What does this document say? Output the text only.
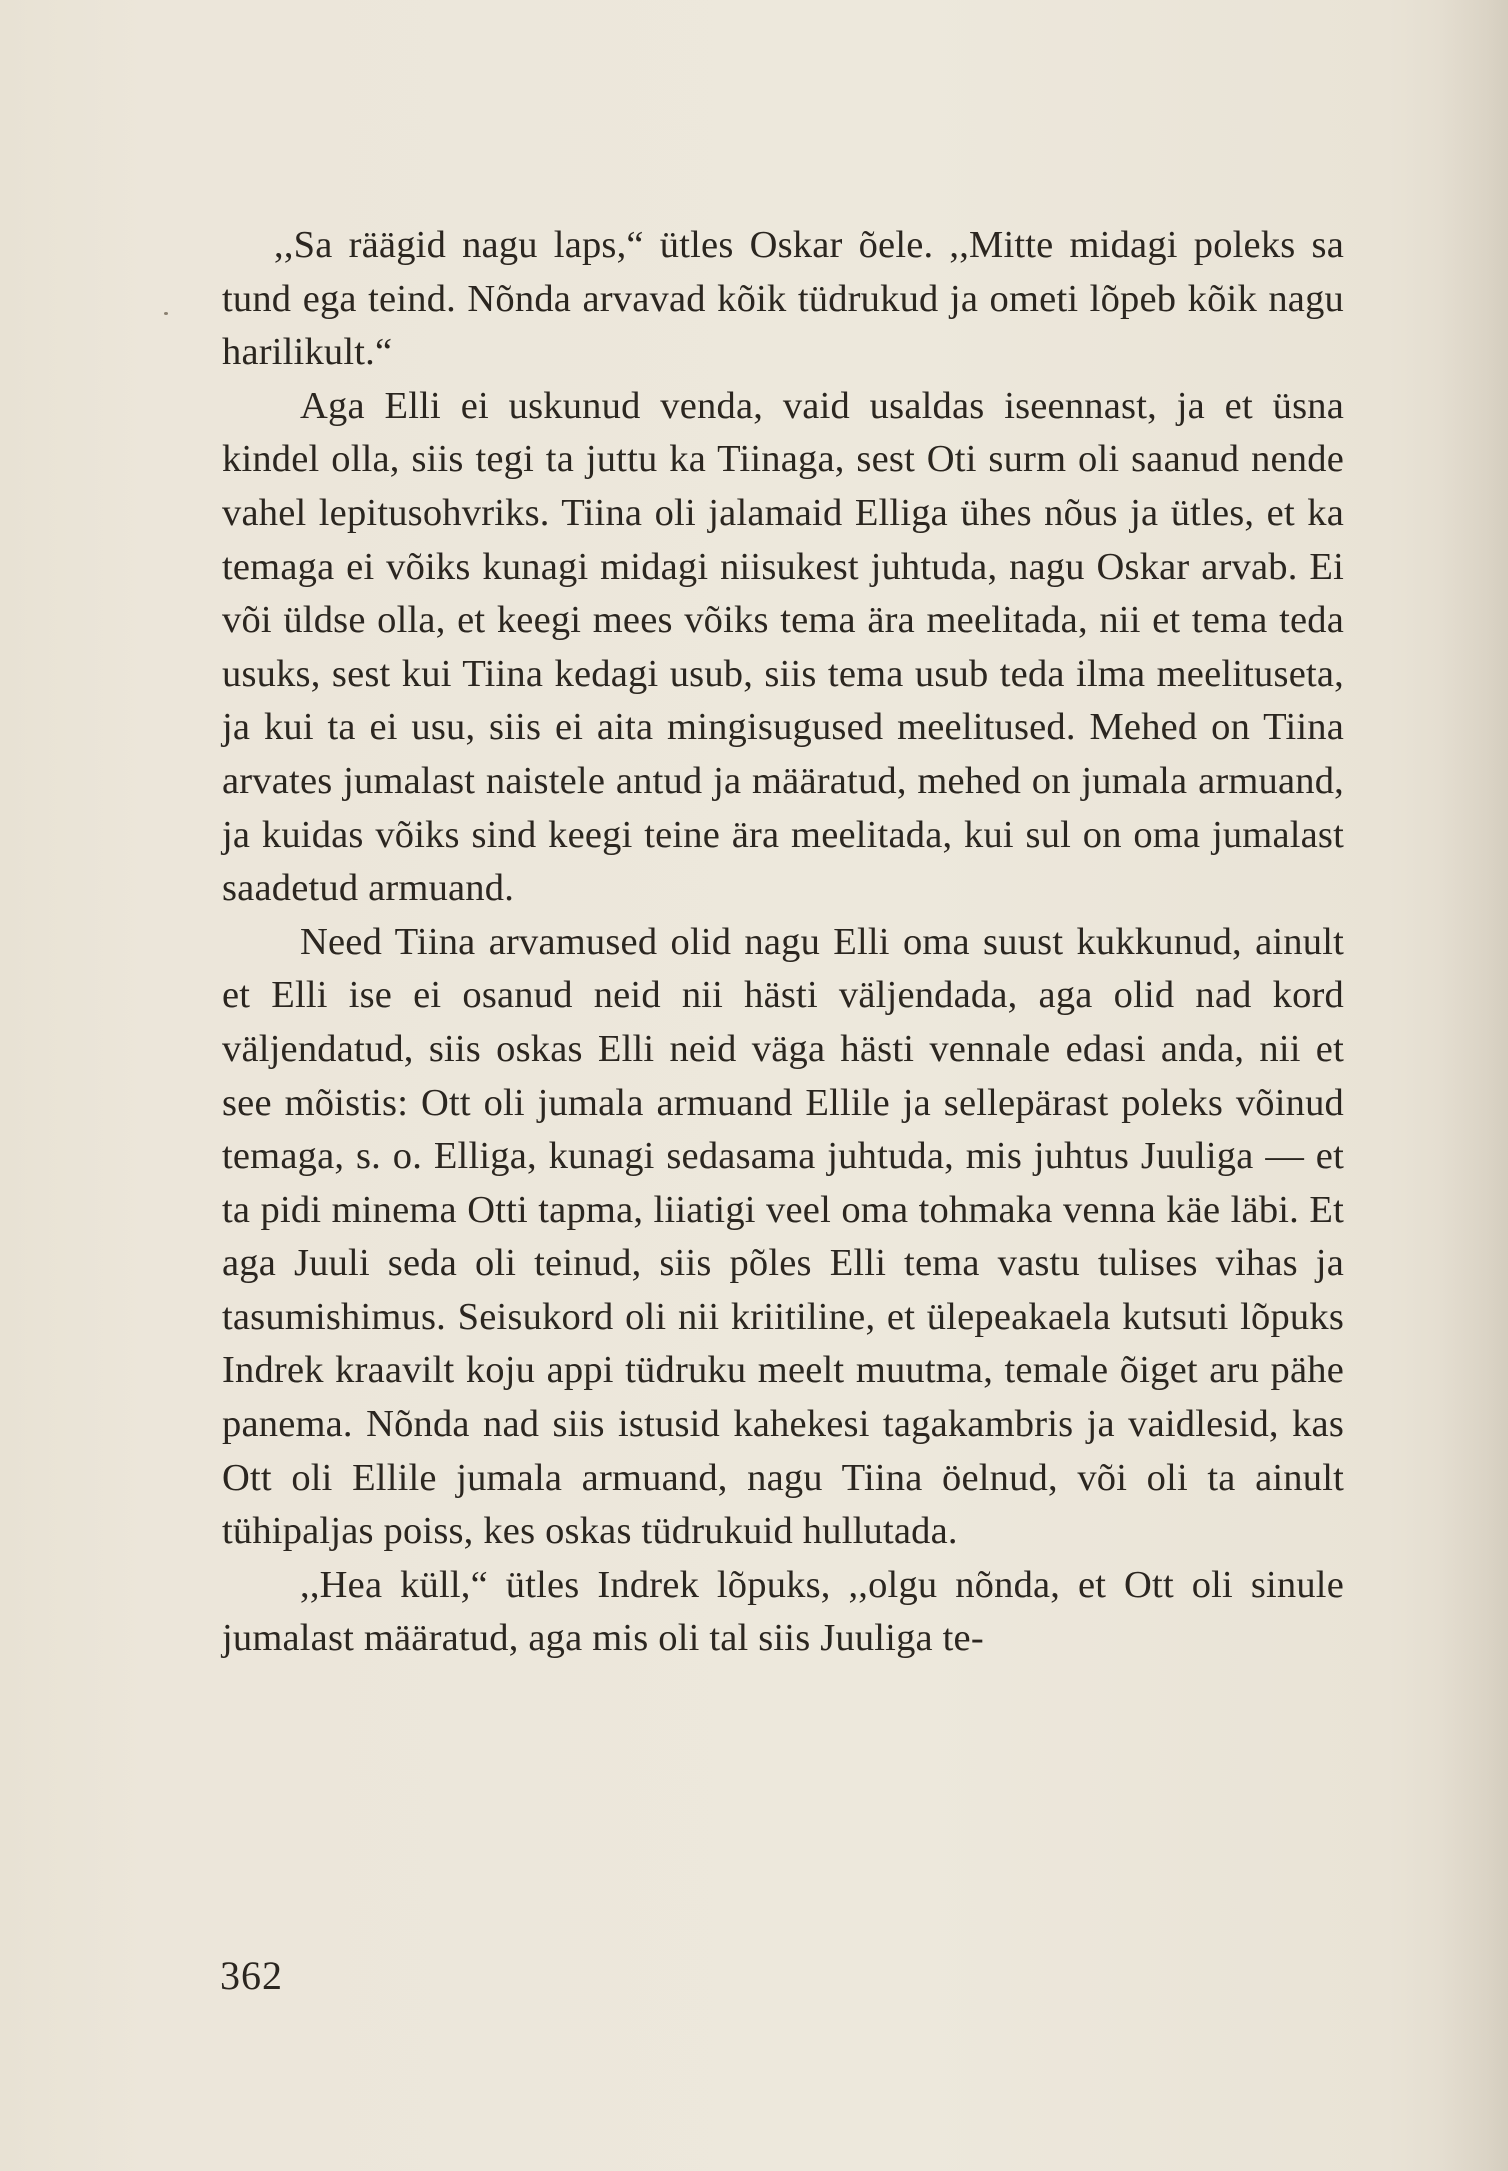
,,Sa räägid nagu laps,“ ütles Oskar õele. ,,Mitte midagi poleks sa tund ega teind. Nõnda arvavad kõik tüdrukud ja ometi lõpeb kõik nagu harilikult.“

Aga Elli ei uskunud venda, vaid usaldas iseennast, ja et üsna kindel olla, siis tegi ta juttu ka Tiinaga, sest Oti surm oli saanud nende vahel lepitusohvriks. Tiina oli jalamaid Elliga ühes nõus ja ütles, et ka temaga ei võiks kunagi midagi niisukest juhtuda, nagu Oskar arvab. Ei või üldse olla, et keegi mees võiks tema ära meelitada, nii et tema teda usuks, sest kui Tiina kedagi usub, siis tema usub teda ilma meelituseta, ja kui ta ei usu, siis ei aita mingisugused meelitused. Mehed on Tiina arvates jumalast naistele antud ja määratud, mehed on jumala armuand, ja kuidas võiks sind keegi teine ära meelitada, kui sul on oma jumalast saadetud armuand.

Need Tiina arvamused olid nagu Elli oma suust kukkunud, ainult et Elli ise ei osanud neid nii hästi väljendada, aga olid nad kord väljendatud, siis oskas Elli neid väga hästi vennale edasi anda, nii et see mõistis: Ott oli jumala armuand Ellile ja sellepärast poleks võinud temaga, s. o. Elliga, kunagi sedasama juhtuda, mis juhtus Juuliga — et ta pidi minema Otti tapma, liiatigi veel oma tohmaka venna käe läbi. Et aga Juuli seda oli teinud, siis põles Elli tema vastu tulises vihas ja tasumishimus. Seisukord oli nii kriitiline, et ülepeakaela kutsuti lõpuks Indrek kraavilt koju appi tüdruku meelt muutma, temale õiget aru pähe panema. Nõnda nad siis istusid kahekesi tagakambris ja vaidlesid, kas Ott oli Ellile jumala armuand, nagu Tiina öelnud, või oli ta ainult tühipaljas poiss, kes oskas tüdrukuid hullutada.

,,Hea küll,“ ütles Indrek lõpuks, ,,olgu nõnda, et Ott oli sinule jumalast määratud, aga mis oli tal siis Juuliga te-

362
